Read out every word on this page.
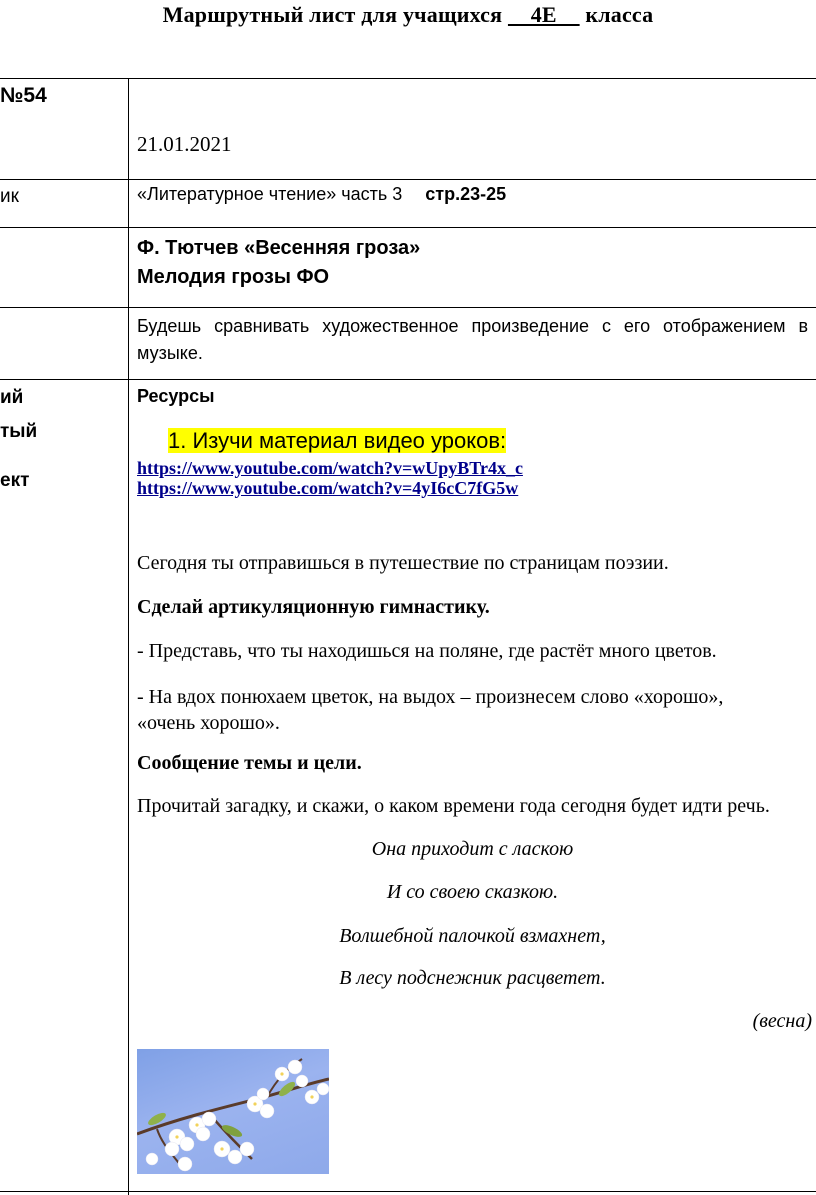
Маршрутный лист для учащихся     4Е     класса
№54
21.01.2021
ик	«Литературное чтение» часть 3 стр.23-25
Ф. Тютчев «Весенняя гроза»
Мелодия грозы ФО
Будешь сравнивать художественное произведение с его отображением в музыке.
ий
тый
ект
Ресурсы
1. Изучи материал видео уроков:
https://www.youtube.com/watch?v=wUpyBTr4x_c
https://www.youtube.com/watch?v=4yI6cC7fG5w
Сегодня ты отправишься в путешествие по страницам поэзии.
Сделай артикуляционную гимнастику.
- Представь, что ты находишься на поляне, где растёт много цветов.
- На вдох понюхаем цветок, на выдох – произнесем слово «хорошо»,
«очень хорошо».
Сообщение темы и цели.
Прочитай загадку, и скажи, о каком времени года сегодня будет идти речь.
Она приходит с ласкою
И со своею сказкою.
Волшебной палочкой взмахнет,
В лесу подснежник расцветет.
(весна)
